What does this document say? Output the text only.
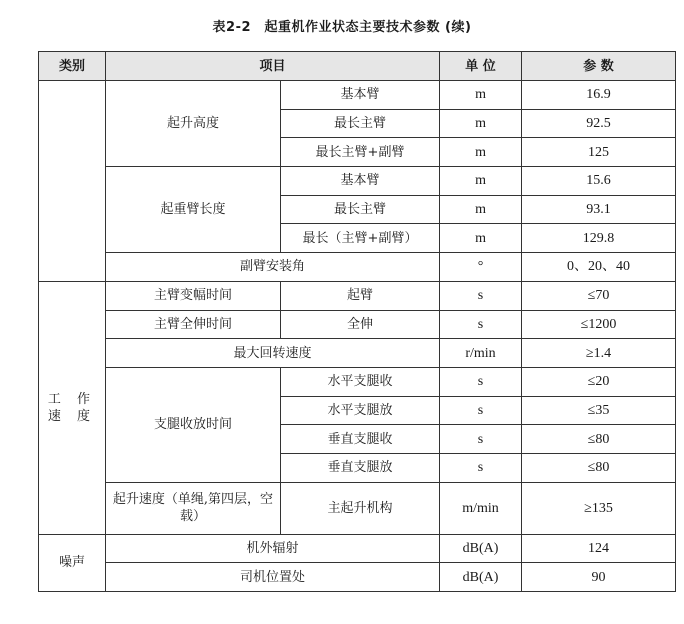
表2-2　起重机作业状态主要技术参数 (续)
类别	项目		单 位	参 数
	起升高度	基本臂	m	16.9
		最长主臂	m	92.5
		最长主臂+副臂	m	125
	起重臂长度	基本臂	m	15.6
		最长主臂	m	93.1
		最长（主臂+副臂）	m	129.8
	副臂安装角		°	0、20、40
工 作 速 度	主臂变幅时间	起臂	s	≤70
	主臂全伸时间	全伸	s	≤1200
	最大回转速度		r/min	≥1.4
	支腿收放时间	水平支腿收	s	≤20
		水平支腿放	s	≤35
		垂直支腿收	s	≤80
		垂直支腿放	s	≤80
	起升速度（单绳,第四层，空载）	主起升机构	m/min	≥135
噪声	机外辐射		dB(A)	124
	司机位置处		dB(A)	90
